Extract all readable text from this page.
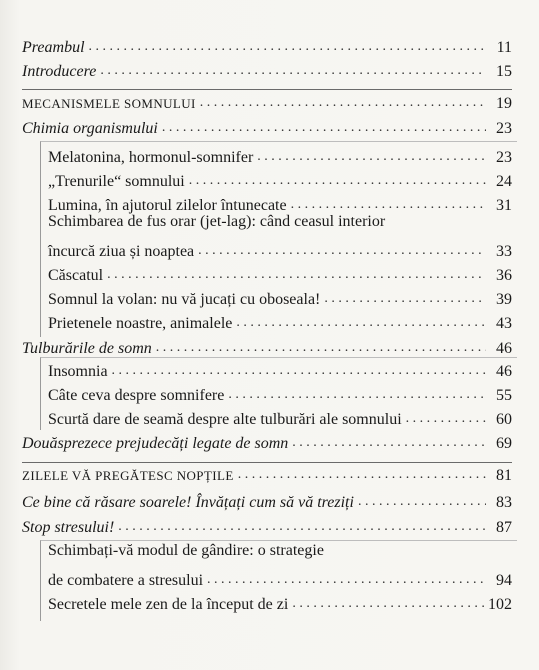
Preambul . . .	11
Introducere . . .	15
MECANISMELE SOMNULUI . . .	19
Chimia organismului . . .	23
Melatonina, hormonul-somnifer . . .	23
„Trenurile“ somnului . . .	24
Lumina, în ajutorul zilelor întunecate . . .	31
Schimbarea de fus orar (jet-lag): când ceasul interior
încurcă ziua și noaptea . . .	33
Căscatul . . .	36
Somnul la volan: nu vă jucați cu oboseala! . . .	39
Prietenele noastre, animalele . . .	43
Tulburările de somn . . .	46
Insomnia . . .	46
Câte ceva despre somnifere . . .	55
Scurtă dare de seamă despre alte tulburări ale somnului . . .	60
Douăsprezece prejudecăți legate de somn . . .	69
ZILELE VĂ PREGĂTESC NOPȚILE . . .	81
Ce bine că răsare soarele! Învățați cum să vă treziți . . .	83
Stop stresului! . . .	87
Schimbați-vă modul de gândire: o strategie
de combatere a stresului . . .	94
Secretele mele zen de la început de zi . . .	102
